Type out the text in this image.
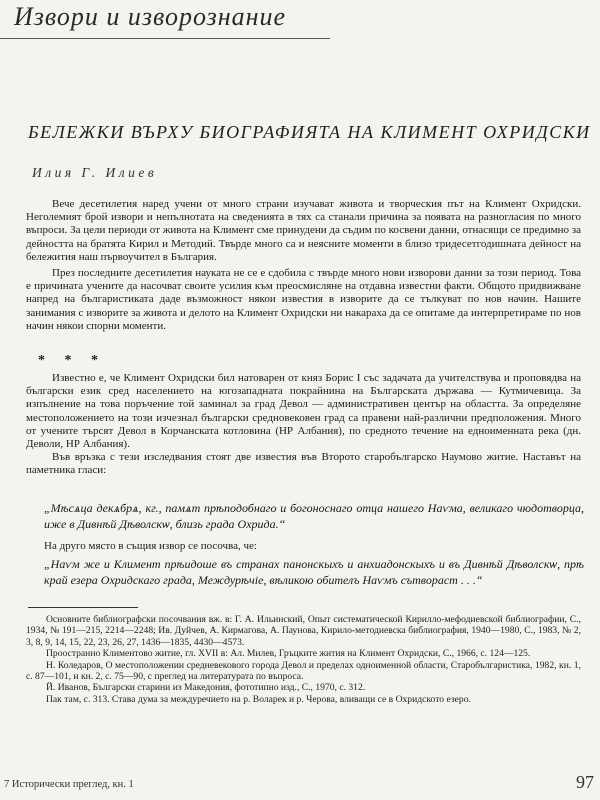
Извори и изворознание
БЕЛЕЖКИ ВЪРХУ БИОГРАФИЯТА НА КЛИМЕНТ ОХРИДСКИ
Илия Г. Илиев

Вече десетилетия наред учени от много страни изучават живота и творческия път на Климент Охридски. Неголемият брой извори и непълнотата на сведенията в тях са станали причина за появата на разногласия по много въпроси. За цели периоди от живота на Климент сме принудени да съдим по косвени данни, отнасящи се предимно за дейността на братята Кирил и Методий. Твърде много са и неясните моменти в близо тридесетгодишната дейност на бележития наш първоучител в България.

През последните десетилетия науката не се е сдобила с твърде много нови изворови данни за този период. Това е причината учените да насочват своите усилия към преосмисляне на отдавна известни факти. Общото придвижване напред на българистиката даде възможност някои известия в изворите да се тълкуват по нов начин. Нашите занимания с изворите за живота и делото на Климент Охридски ни накараха да се опитаме да интерпретираме по нов начин някои спорни моменти.

* * *

Известно е, че Климент Охридски бил натоварен от княз Борис I със задачата да учителствува и проповядва на български език сред населението на югозападната покрайнина на Българската държава — Кутмичевица. За изпълнение на това поръчение той заминал за град Девол — административен център на областта. За определяне местоположението на този изчезнал български средновековен град са правени най-различни предположения. Много от учените търсят Девол в Корчанската котловина (НР Албания), по средното течение на едноименната река (дн. Деволи, НР Албания).

Във връзка с тези изследвания стоят две известия във Второто старобългарско Наумово житие. Наставът на паметника гласи:

„Мѣсѧца декѧбрѧ, кг., памѧт прѣподобнаго и богоноснаго отца нашего Наѵма, великаго чюдотворца, иже в Дивнѣй Дѣволскѡ, близь града Охрида.“
На друго място в същия извор се посочва, че:
„Наѵм же и Климент прѣидоше въ странах панонскыхъ и анхиадонскыхъ и въ Дивнѣй Дѣволскѡ, прѣ край езера Охридскаго града, Междурѣчіе, вѣликою обителъ Наѵмъ сътвораст . . .“

Основните библиографски посочвания вж. в: Г. А. Ильинский, Опыт систематической Кирилло-мефодиевской библиографии, С., 1934, № 191—215, 2214—2248; Ив. Дуйчев, А. Кирмагова, А. Паунова, Кирило-методиевска библиография, 1940—1980, С., 1983, № 2, 3, 8, 9, 14, 15, 22, 23, 26, 27, 1436—1835, 4430—4573.

Проостранно Климентово житие, гл. XVII в: Ал. Милев, Гръцките жития на Климент Охридски, С., 1966, с. 124—125.

Н. Коледаров, О местоположении средневекового города Девол и пределах одноименной области, Старобългаристика, 1982, кн. 1, с. 87—101, и кн. 2, с. 75—90, с преглед на литературата по въпроса.

Й. Иванов, Български старини из Македония, фототипно изд., С., 1970, с. 312.

Пак там, с. 313. Става дума за междуречието на р. Воларек и р. Черова, вливащи се в Охридското езеро.

7 Исторически преглед, кн. 1	97
